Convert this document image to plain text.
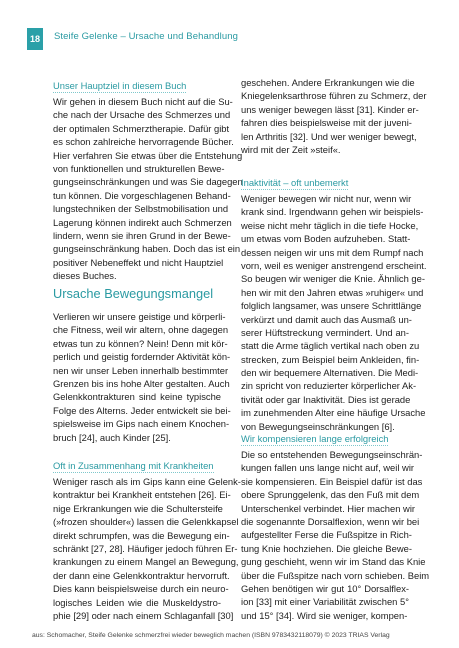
18	Steife Gelenke – Ursache und Behandlung
Unser Hauptziel in diesem Buch
Wir gehen in diesem Buch nicht auf die Su-
che nach der Ursache des Schmerzes und
der optimalen Schmerztherapie. Dafür gibt
es schon zahlreiche hervorragende Bücher.
Hier verfahren Sie etwas über die Entstehung
von funktionellen und strukturellen Bewe-
gungseinschränkungen und was Sie dagegen
tun können. Die vorgeschlagenen Behand-
lungstechniken der Selbstmobilisation und
Lagerung können indirekt auch Schmerzen
lindern, wenn sie ihren Grund in der Bewe-
gungseinschränkung haben. Doch das ist ein
positiver Nebeneffekt und nicht Hauptziel
dieses Buches.
Ursache Bewegungsmangel
Verlieren wir unsere geistige und körperli-
che Fitness, weil wir altern, ohne dagegen
etwas tun zu können? Nein! Denn mit kör-
perlich und geistig fordernder Aktivität kön-
nen wir unser Leben innerhalb bestimmter
Grenzen bis ins hohe Alter gestalten. Auch
Gelenkkontrakturen sind keine typische
Folge des Alterns. Jeder entwickelt sie bei-
spielsweise im Gips nach einem Knochen-
bruch [24], auch Kinder [25].
Oft in Zusammenhang mit Krankheiten
Weniger rasch als im Gips kann eine Gelenk-
kontraktur bei Krankheit entstehen [26]. Ei-
nige Erkrankungen wie die Schultersteife
(»frozen shoulder«) lassen die Gelenkkapsel
direkt schrumpfen, was die Bewegung ein-
schränkt [27, 28]. Häufiger jedoch führen Er-
krankungen zu einem Mangel an Bewegung,
der dann eine Gelenkkontraktur hervorruft.
Dies kann beispielsweise durch ein neuro-
logisches Leiden wie die Muskeldystro-
phie [29] oder nach einem Schlaganfall [30]
geschehen. Andere Erkrankungen wie die
Kniegelenksarthrose führen zu Schmerz, der
uns weniger bewegen lässt [31]. Kinder er-
fahren dies beispielsweise mit der juveni-
len Arthritis [32]. Und wer weniger bewegt,
wird mit der Zeit »steif«.
Inaktivität – oft unbemerkt
Weniger bewegen wir nicht nur, wenn wir
krank sind. Irgendwann gehen wir beispiels-
weise nicht mehr täglich in die tiefe Hocke,
um etwas vom Boden aufzuheben. Statt-
dessen neigen wir uns mit dem Rumpf nach
vorn, weil es weniger anstrengend erscheint.
So beugen wir weniger die Knie. Ähnlich ge-
hen wir mit den Jahren etwas »ruhiger« und
folglich langsamer, was unsere Schrittlänge
verkürzt und damit auch das Ausmaß un-
serer Hüftstreckung vermindert. Und an-
statt die Arme täglich vertikal nach oben zu
strecken, zum Beispiel beim Ankleiden, fin-
den wir bequemere Alternativen. Die Medi-
zin spricht von reduzierter körperlicher Ak-
tivität oder gar Inaktivität. Dies ist gerade
im zunehmenden Alter eine häufige Ursache
von Bewegungseinschränkungen [6].
Wir kompensieren lange erfolgreich
Die so entstehenden Bewegungseinschrän-
kungen fallen uns lange nicht auf, weil wir
sie kompensieren. Ein Beispiel dafür ist das
obere Sprunggelenk, das den Fuß mit dem
Unterschenkel verbindet. Hier machen wir
die sogenannte Dorsalflexion, wenn wir bei
aufgestellter Ferse die Fußspitze in Rich-
tung Knie hochziehen. Die gleiche Bewe-
gung geschieht, wenn wir im Stand das Knie
über die Fußspitze nach vorn schieben. Beim
Gehen benötigen wir gut 10° Dorsalflex-
ion [33] mit einer Variabilität zwischen 5°
und 15° [34]. Wird sie weniger, kompen-
aus: Schomacher, Steife Gelenke schmerzfrei wieder beweglich machen (ISBN 9783432118079) © 2023 TRIAS Verlag
